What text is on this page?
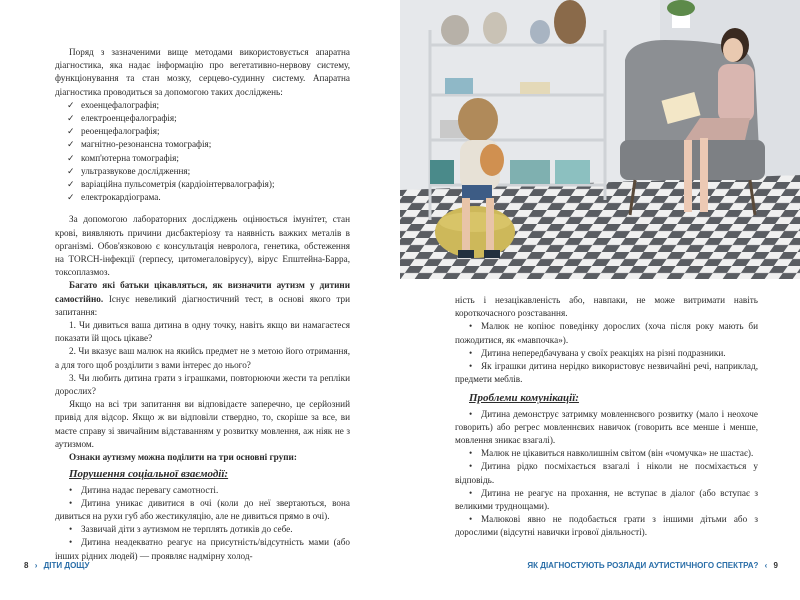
Поряд з зазначеними вище методами використовується апаратна діагностика, яка надає інформацію про вегетативно-нервову систему, функціонування та стан мозку, серцево-судинну систему. Апаратна діагностика проводиться за допомогою таких досліджень:

✓ ехоенцефалографія;
✓ електроенцефалографія;
✓ реоенцефалографія;
✓ магнітно-резонансна томографія;
✓ комп'ютерна томографія;
✓ ультразвукове дослідження;
✓ варіаційна пульсометрія (кардіоінтервалографія);
✓ електрокардіограма.

За допомогою лабораторних досліджень оцінюється імунітет, стан крові, виявляють причини дисбактеріозу та наявність важких металів в організмі. Обов'язковою є консультація невролога, генетика, обстеження на TORCH-інфекції (герпесу, цитомегаловірусу), вірус Епштейна-Барра, токсоплазмоз.

Багато які батьки цікавляться, як визначити аутизм у дитини самостійно. Існує невеликий діагностичний тест, в основі якого три запитання:

1. Чи дивиться ваша дитина в одну точку, навіть якщо ви намагаєтеся показати їй щось цікаве?

2. Чи вказує ваш малюк на якийсь предмет не з метою його отримання, а для того щоб розділити з вами інтерес до нього?

3. Чи любить дитина грати з іграшками, повторюючи жести та репліки дорослих?

Якщо на всі три запитання ви відповідаєте заперечно, це серйозний привід для відсор. Якщо ж ви відповіли ствердно, то, скоріше за все, ви маєте справу зі звичайним відставанням у розвитку мовлення, аж ніяк не з аутизмом.

Ознаки аутизму можна поділити на три основні групи:

Порушення соціальної взаємодії:

• Дитина надає перевагу самотності.

• Дитина уникає дивитися в очі (коли до неї звертаються, вона дивиться на рухи губ або жестикуляцію, але не дивиться прямо в очі).

• Зазвичай діти з аутизмом не терплять дотиків до себе.

• Дитина неадекватно реагує на присутність/відсутність мами (або інших рідних людей) — проявляє надмірну холод-

8 › ДІТИ ДОЩУ

ність і незацікавленість або, навпаки, не може витримати навіть короткочасного розставання.

• Малюк не копіює поведінку дорослих (хоча після року мають би пожодитися, як «мавпочка»).

• Дитина непередбачувана у своїх реакціях на різні подразники.

• Як іграшки дитина нерідко використовує незвичайні речі, наприклад, предмети меблів.

Проблеми комунікації:

• Дитина демонструє затримку мовленнєвого розвитку (мало і неохоче говорить) або регрес мовленнєвих навичок (говорить все менше і менше, мовлення зникає взагалі).

• Малюк не цікавиться навколишнім світом (він «чомучка» не шастає).

• Дитина рідко посміхається взагалі і ніколи не посміхається у відповідь.

• Дитина не реагує на прохання, не вступає в діалог (або вступає з великими труднощами).

• Малюкові явно не подобається грати з іншими дітьми або з дорослими (відсутні навички ігрової діяльності).

ЯК ДІАГНОСТУЮТЬ РОЗЛАДИ АУТИСТИЧНОГО СПЕКТРА? ‹ 9
